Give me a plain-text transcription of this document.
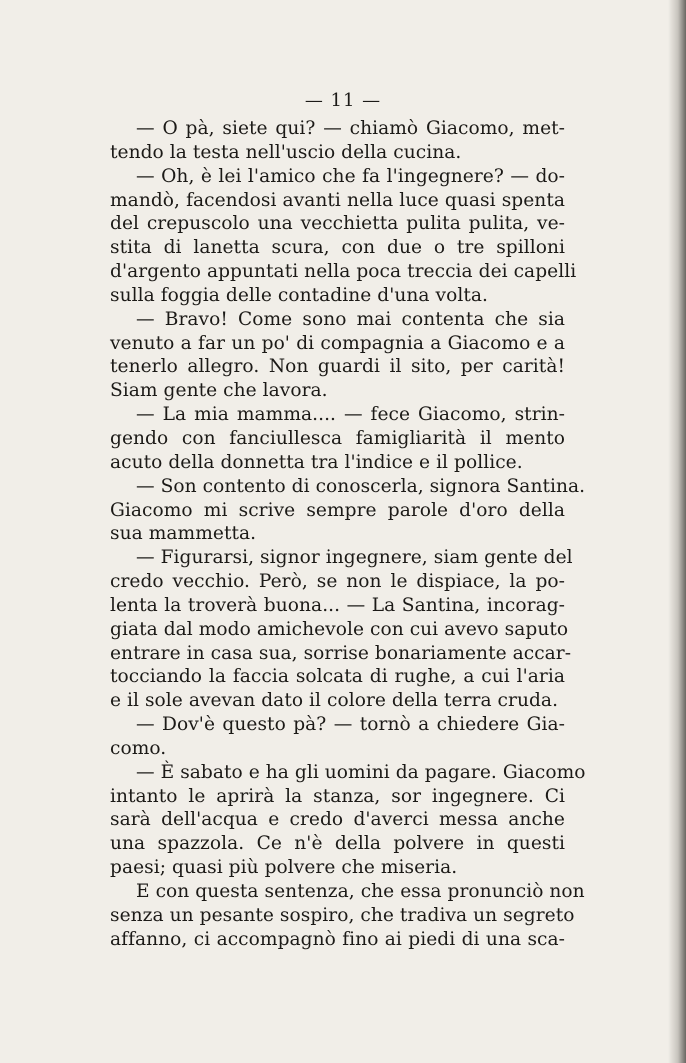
— 11 —
— O pà, siete qui? — chiamò Giacomo, met-
tendo la testa nell'uscio della cucina.
— Oh, è lei l'amico che fa l'ingegnere? — do-
mandò, facendosi avanti nella luce quasi spenta
del crepuscolo una vecchietta pulita pulita, ve-
stita di lanetta scura, con due o tre spilloni
d'argento appuntati nella poca treccia dei capelli
sulla foggia delle contadine d'una volta.
— Bravo! Come sono mai contenta che sia
venuto a far un po' di compagnia a Giacomo e a
tenerlo allegro. Non guardi il sito, per carità!
Siam gente che lavora.
— La mia mamma.... — fece Giacomo, strin-
gendo con fanciullesca famigliarità il mento
acuto della donnetta tra l'indice e il pollice.
— Son contento di conoscerla, signora Santina.
Giacomo mi scrive sempre parole d'oro della
sua mammetta.
— Figurarsi, signor ingegnere, siam gente del
credo vecchio. Però, se non le dispiace, la po-
lenta la troverà buona... — La Santina, incorag-
giata dal modo amichevole con cui avevo saputo
entrare in casa sua, sorrise bonariamente accar-
tocciando la faccia solcata di rughe, a cui l'aria
e il sole avevan dato il colore della terra cruda.
— Dov'è questo pà? — tornò a chiedere Gia-
como.
— È sabato e ha gli uomini da pagare. Giacomo
intanto le aprirà la stanza, sor ingegnere. Ci
sarà dell'acqua e credo d'averci messa anche
una spazzola. Ce n'è della polvere in questi
paesi; quasi più polvere che miseria.
E con questa sentenza, che essa pronunciò non
senza un pesante sospiro, che tradiva un segreto
affanno, ci accompagnò fino ai piedi di una sca-
